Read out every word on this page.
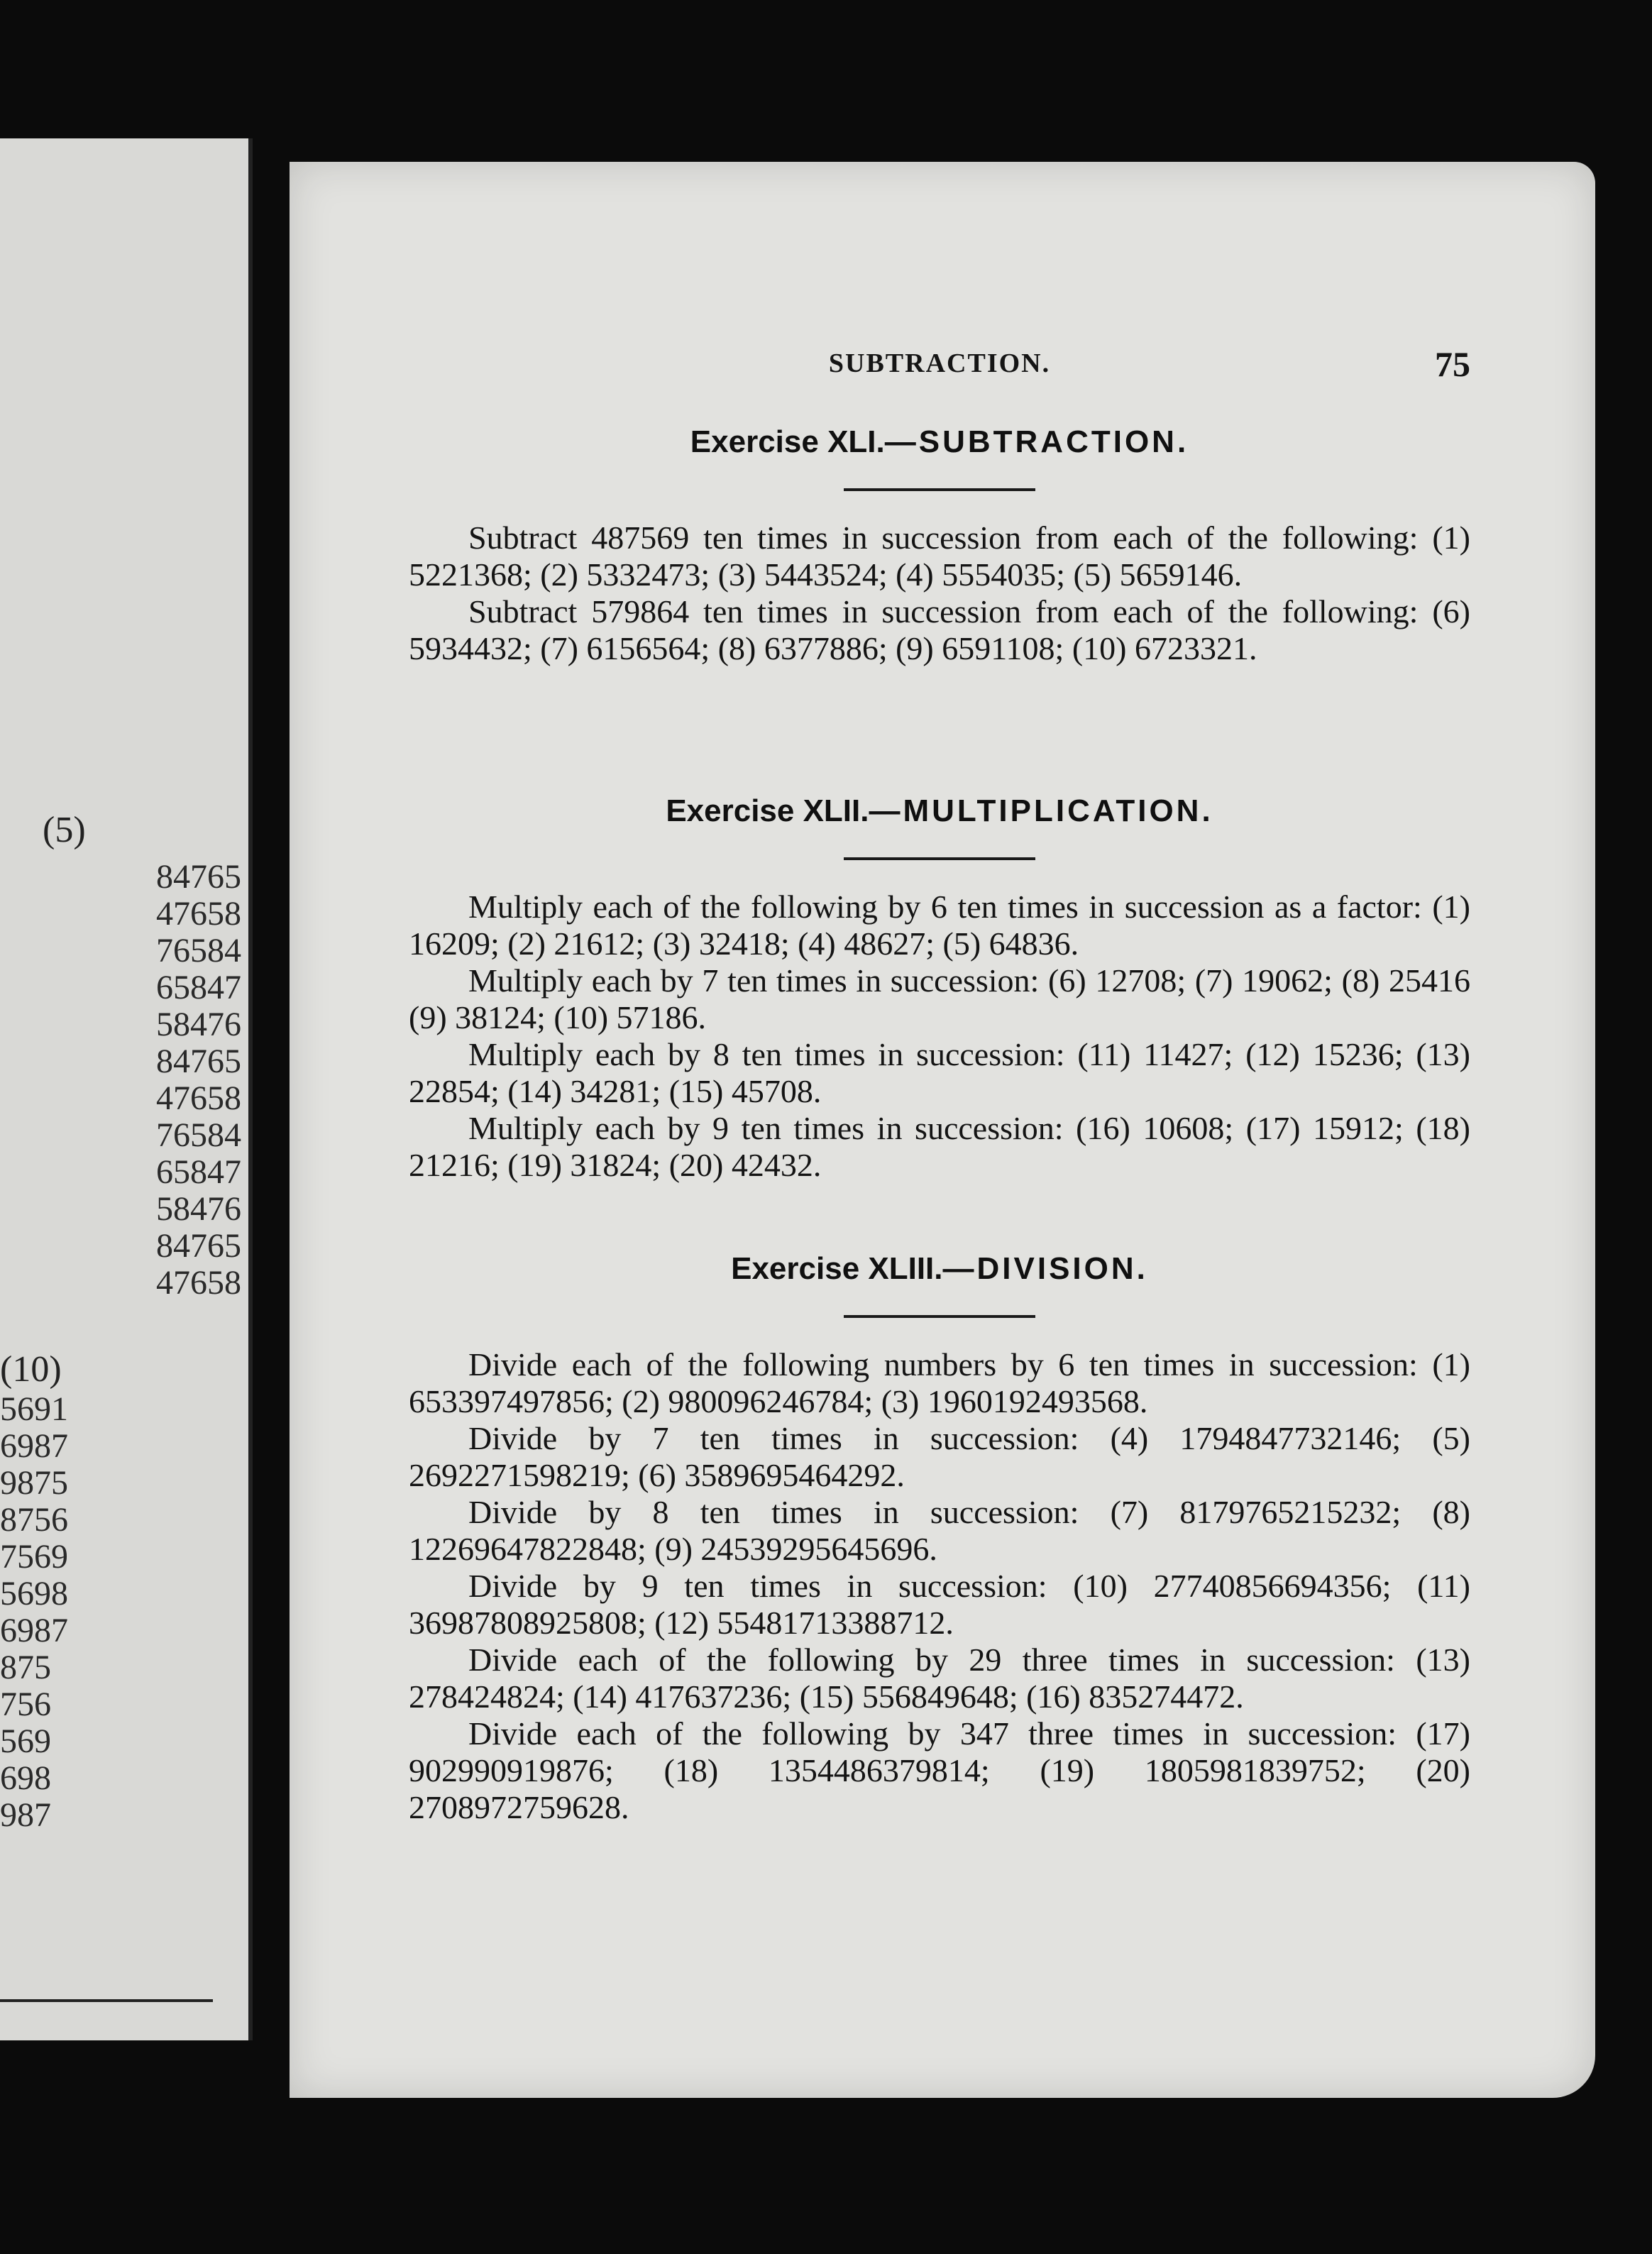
(5)
84765
47658
76584
65847
58476
84765
47658
76584
65847
58476
84765
47658
(10)
5691
6987
9875
8756
7569
5698
6987
875
756
569
698
987
SUBTRACTION.	75
Exercise XLI.—SUBTRACTION.

Subtract 487569 ten times in succession from each of the following: (1) 5221368; (2) 5332473; (3) 5443524; (4) 5554035; (5) 5659146.

Subtract 579864 ten times in succession from each of the following: (6) 5934432; (7) 6156564; (8) 6377886; (9) 6591108; (10) 6723321.

Exercise XLII.—MULTIPLICATION.

Multiply each of the following by 6 ten times in succession as a factor: (1) 16209; (2) 21612; (3) 32418; (4) 48627; (5) 64836.

Multiply each by 7 ten times in succession: (6) 12708; (7) 19062; (8) 25416 (9) 38124; (10) 57186.

Multiply each by 8 ten times in succession: (11) 11427; (12) 15236; (13) 22854; (14) 34281; (15) 45708.

Multiply each by 9 ten times in succession: (16) 10608; (17) 15912; (18) 21216; (19) 31824; (20) 42432.

Exercise XLIII.—DIVISION.

Divide each of the following numbers by 6 ten times in succession: (1) 653397497856; (2) 980096246784; (3) 1960192493568.

Divide by 7 ten times in succession: (4) 1794847732146; (5) 2692271598219; (6) 3589695464292.

Divide by 8 ten times in succession: (7) 8179765215232; (8) 12269647822848; (9) 24539295645696.

Divide by 9 ten times in succession: (10) 27740856694356; (11) 36987808925808; (12) 55481713388712.

Divide each of the following by 29 three times in succession: (13) 278424824; (14) 417637236; (15) 556849648; (16) 835274472.

Divide each of the following by 347 three times in succession: (17) 902990919876; (18) 1354486379814; (19) 1805981839752; (20) 2708972759628.
